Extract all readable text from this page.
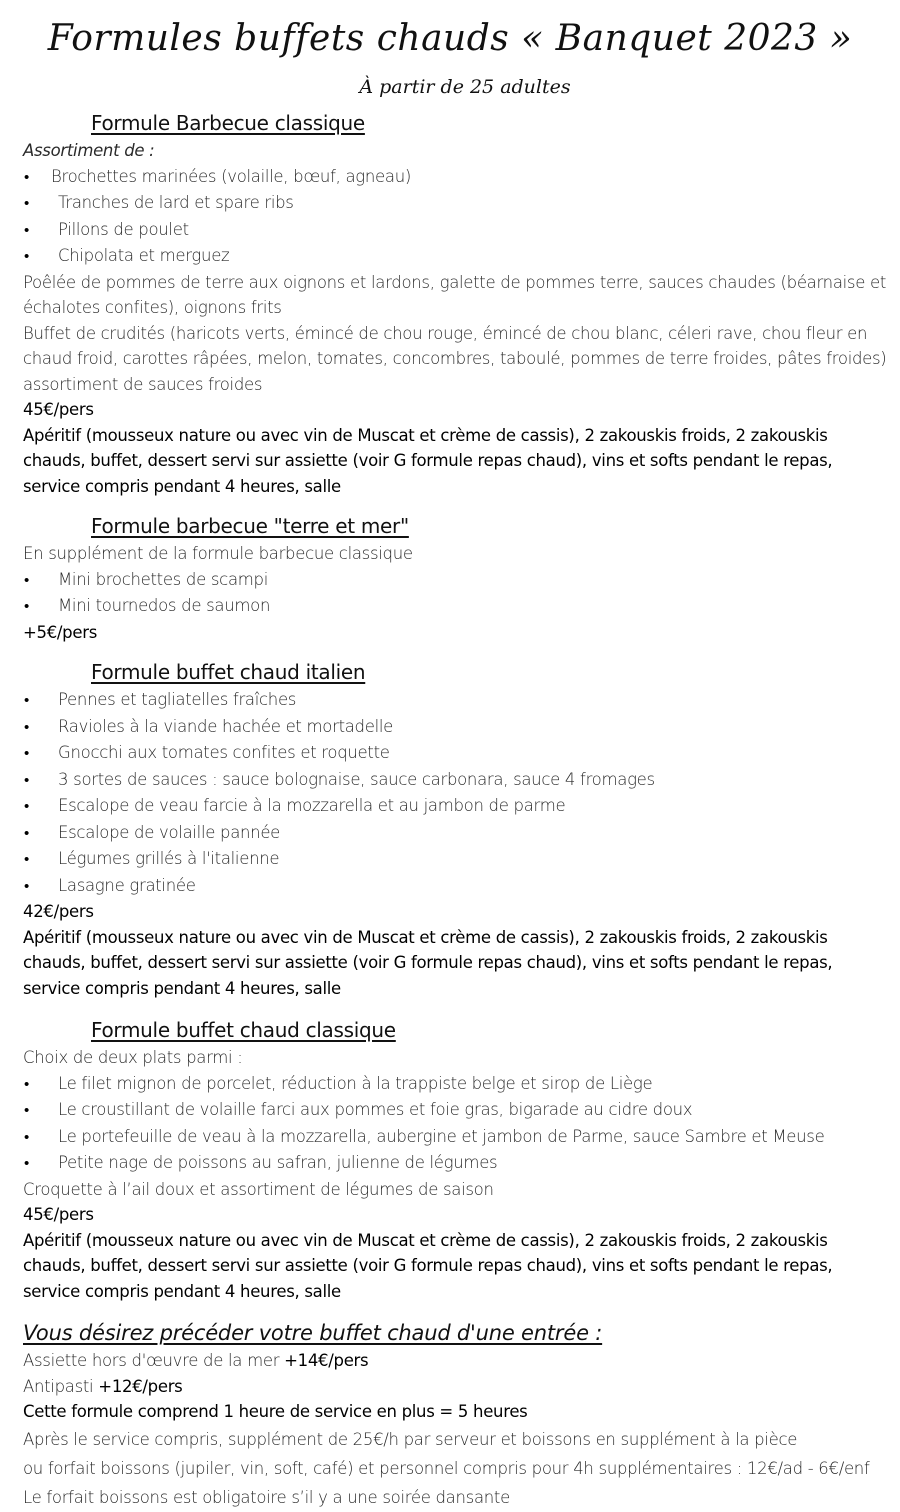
Formules buffets chauds « Banquet 2023 »
À partir de 25 adultes
Formule Barbecue classique
Assortiment de :
•	Brochettes marinées (volaille, bœuf, agneau)
•	Tranches de lard et spare ribs
•	Pillons de poulet
•	Chipolata et merguez
Poêlée de pommes de terre aux oignons et lardons, galette de pommes terre, sauces chaudes (béarnaise et échalotes confites), oignons frits
Buffet de crudités (haricots verts, émincé de chou rouge, émincé de chou blanc, céleri rave, chou fleur en chaud froid, carottes râpées, melon, tomates, concombres, taboulé, pommes de terre froides, pâtes froides) assortiment de sauces froides
45€/pers
Apéritif (mousseux nature ou avec vin de Muscat et crème de cassis), 2 zakouskis froids, 2 zakouskis chauds, buffet, dessert servi sur assiette (voir G formule repas chaud), vins et softs pendant le repas, service compris pendant 4 heures, salle
Formule barbecue "terre et mer"
En supplément de la formule barbecue classique
•	Mini brochettes de scampi
•	Mini tournedos de saumon
+5€/pers
Formule buffet chaud italien
•	Pennes et tagliatelles fraîches
•	Ravioles à la viande hachée et mortadelle
•	Gnocchi aux tomates confites et roquette
•	3 sortes de sauces : sauce bolognaise, sauce carbonara, sauce 4 fromages
•	Escalope de veau farcie à la mozzarella et au jambon de parme
•	Escalope de volaille pannée
•	Légumes grillés à l'italienne
•	Lasagne gratinée
42€/pers
Apéritif (mousseux nature ou avec vin de Muscat et crème de cassis), 2 zakouskis froids, 2 zakouskis chauds, buffet, dessert servi sur assiette (voir G formule repas chaud), vins et softs pendant le repas, service compris pendant 4 heures, salle
Formule buffet chaud classique
Choix de deux plats parmi :
•	Le filet mignon de porcelet, réduction à la trappiste belge et sirop de Liège
•	Le croustillant de volaille farci aux pommes et foie gras, bigarade au cidre doux
•	Le portefeuille de veau à la mozzarella, aubergine et jambon de Parme, sauce Sambre et Meuse
•	Petite nage de poissons au safran, julienne de légumes
Croquette à l’ail doux et assortiment de légumes de saison
45€/pers
Apéritif (mousseux nature ou avec vin de Muscat et crème de cassis), 2 zakouskis froids, 2 zakouskis chauds, buffet, dessert servi sur assiette (voir G formule repas chaud), vins et softs pendant le repas, service compris pendant 4 heures, salle
Vous désirez précéder votre buffet chaud d'une entrée :
Assiette hors d'œuvre de la mer +14€/pers
Antipasti +12€/pers
Cette formule comprend 1 heure de service en plus = 5 heures
Après le service compris, supplément de 25€/h par serveur et boissons en supplément à la pièce
ou forfait boissons (jupiler, vin, soft, café) et personnel compris pour 4h supplémentaires : 12€/ad - 6€/enf
Le forfait boissons est obligatoire s’il y a une soirée dansante
